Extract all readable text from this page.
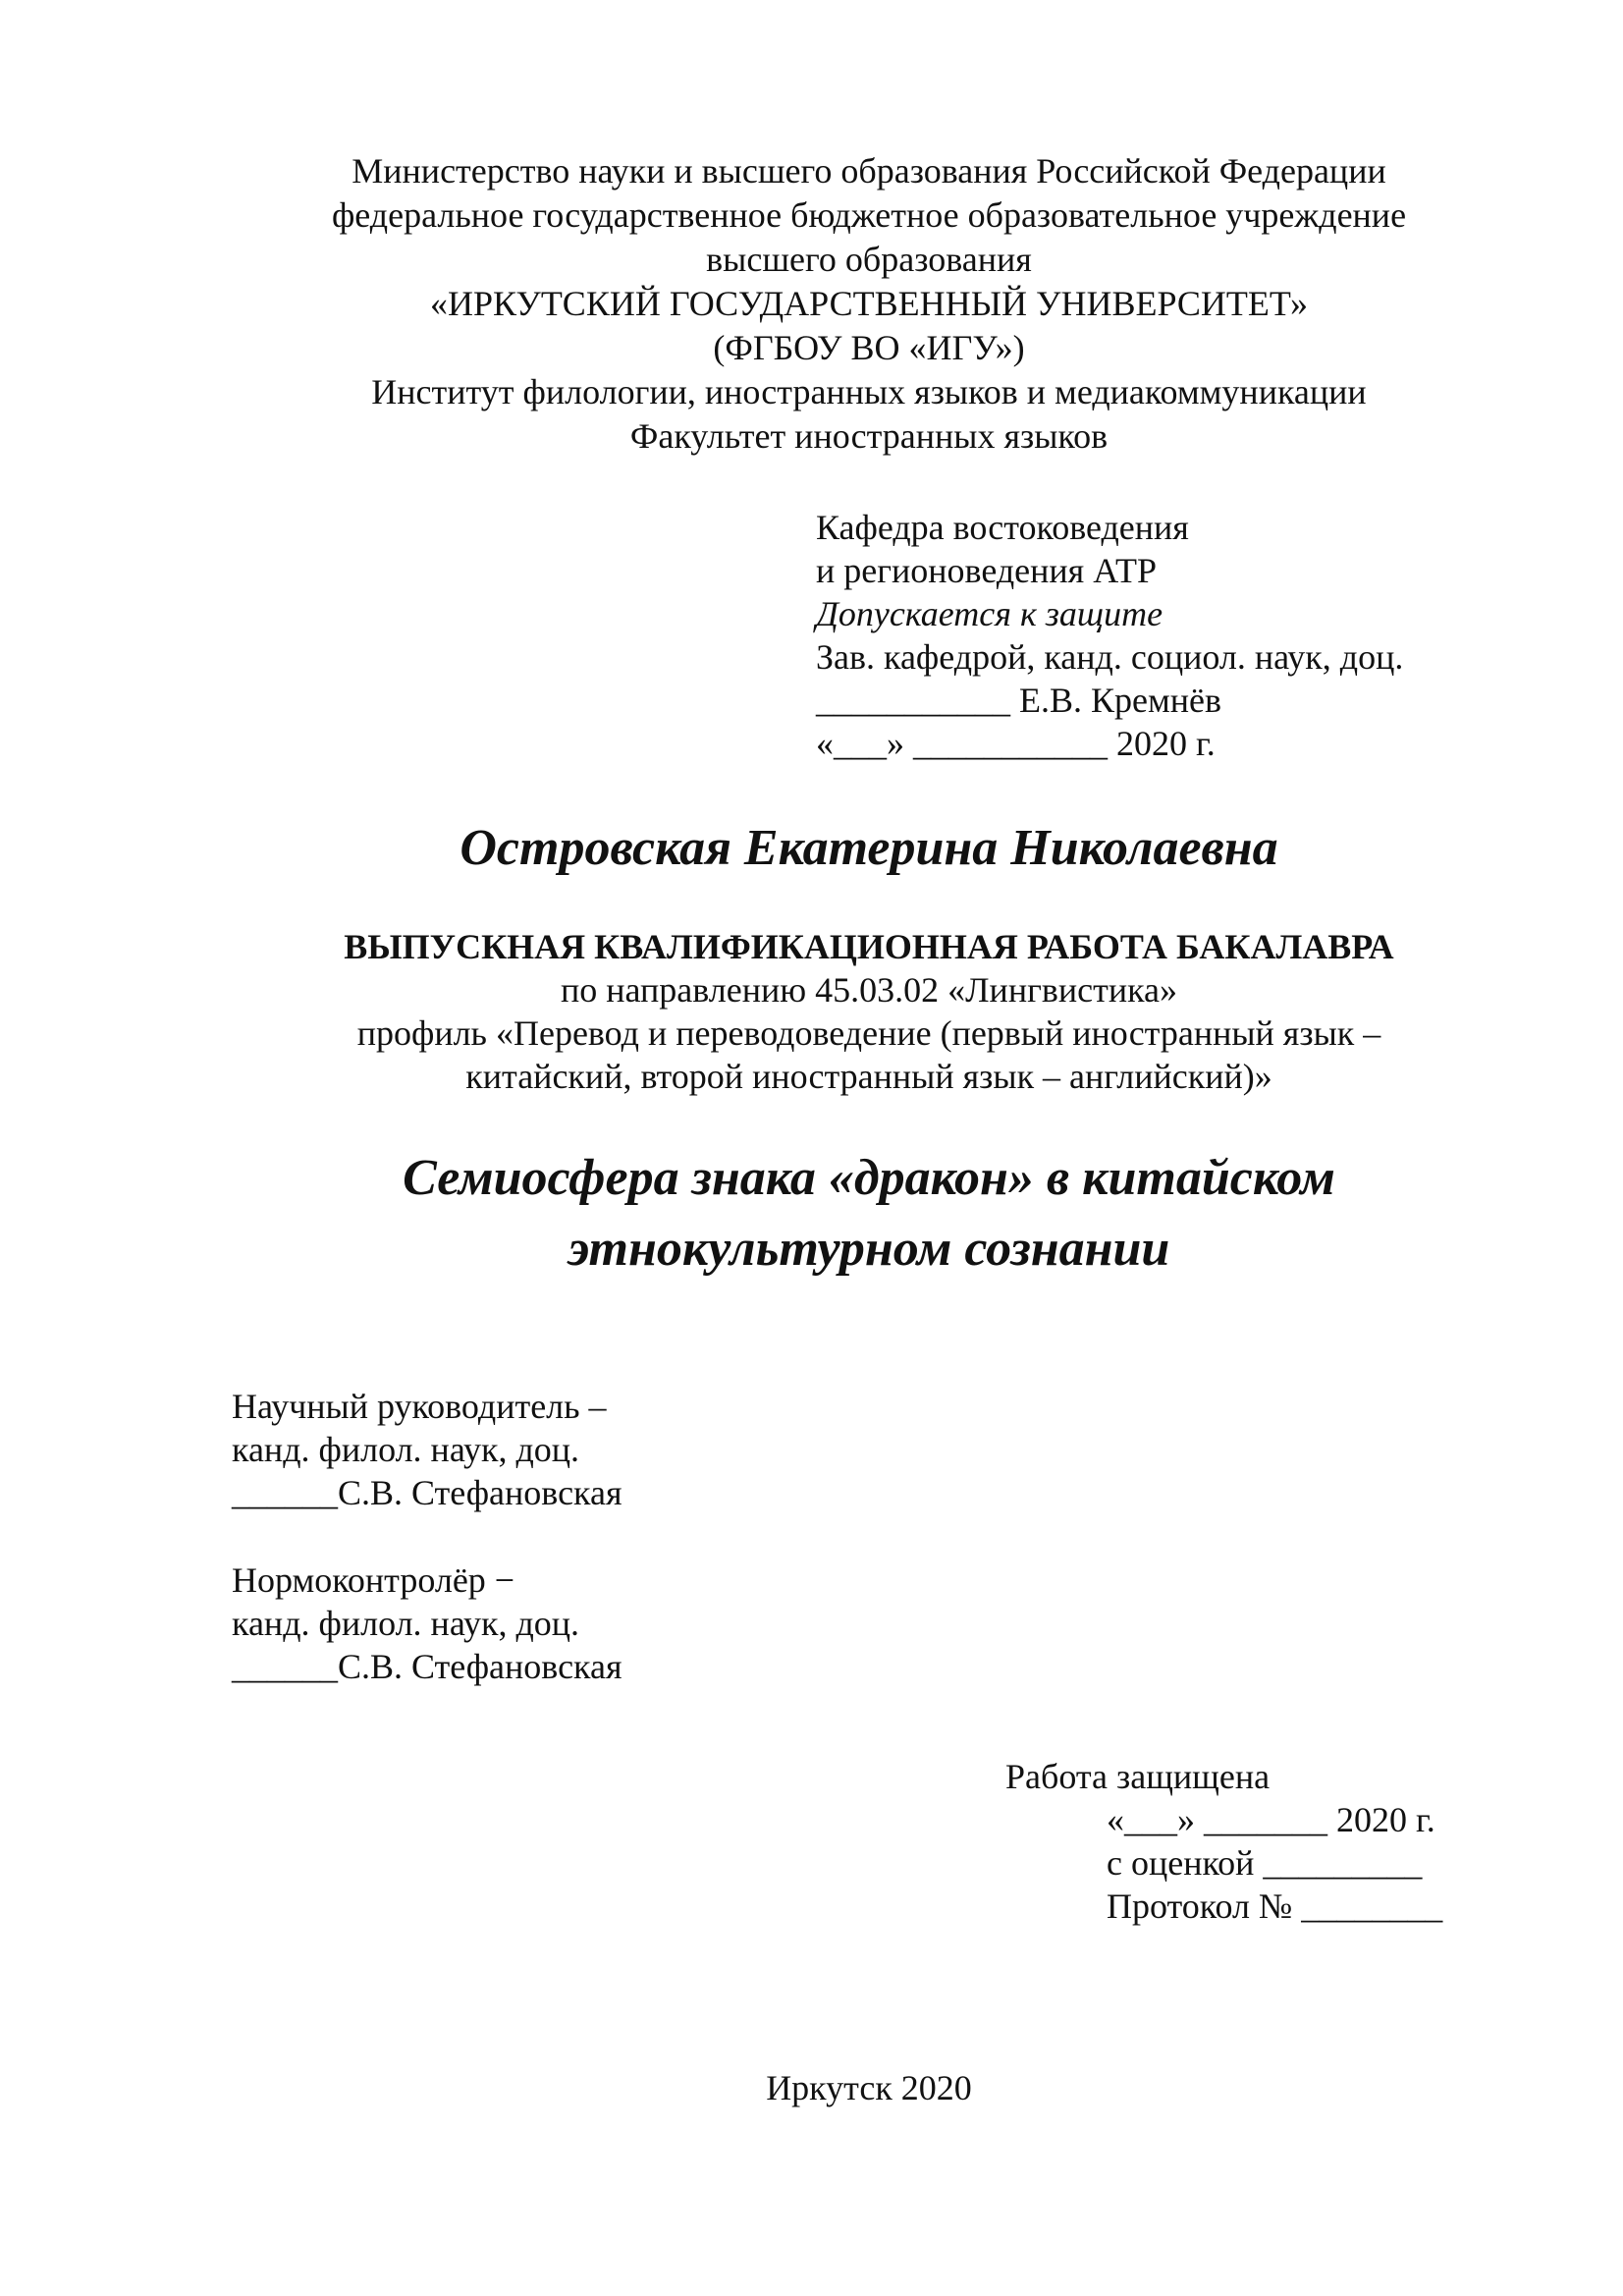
Министерство науки и высшего образования Российской Федерации
федеральное государственное бюджетное образовательное учреждение
высшего образования
«ИРКУТСКИЙ ГОСУДАРСТВЕННЫЙ УНИВЕРСИТЕТ»
(ФГБОУ ВО «ИГУ»)
Институт филологии, иностранных языков и медиакоммуникации
Факультет иностранных языков
Кафедра востоковедения
и регионоведения АТР
Допускается к защите
Зав. кафедрой, канд. социол. наук, доц.
___________ Е.В. Кремнёв
«___» ___________ 2020 г.
Островская Екатерина Николаевна
ВЫПУСКНАЯ КВАЛИФИКАЦИОННАЯ РАБОТА БАКАЛАВРА
по направлению 45.03.02 «Лингвистика»
профиль «Перевод и переводоведение (первый иностранный язык –
китайский, второй иностранный язык – английский)»
Семиосфера знака «дракон» в китайском
этнокультурном сознании
Научный руководитель –
канд. филол. наук, доц.
______С.В. Стефановская
Нормоконтролёр −
канд. филол. наук, доц.
______С.В. Стефановская
Работа защищена
«___» _______ 2020 г.
с оценкой _________
Протокол № ________
Иркутск 2020
